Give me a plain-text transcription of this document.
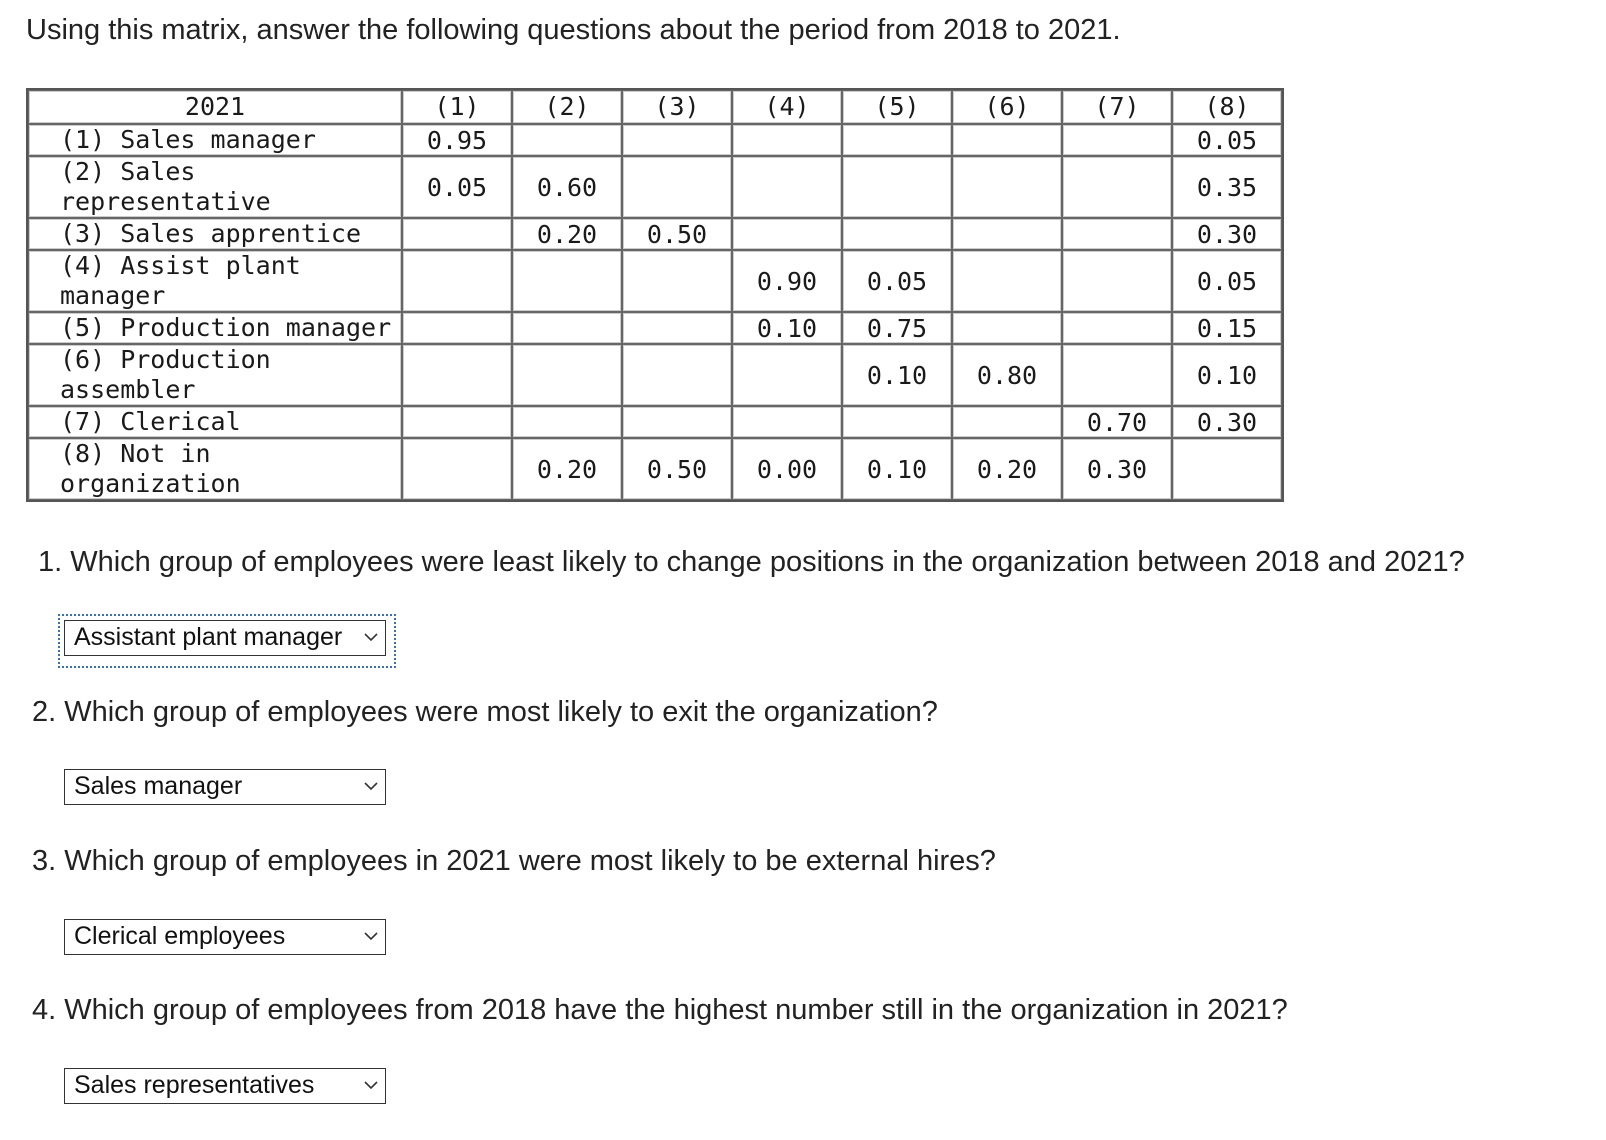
Using this matrix, answer the following questions about the period from 2018 to 2021.
2021	(1)	(2)	(3)	(4)	(5)	(6)	(7)	(8)
(1) Sales manager	0.95							0.05
(2) Sales representative	0.05	0.60						0.35
(3) Sales apprentice		0.20	0.50					0.30
(4) Assist plant manager				0.90	0.05			0.05
(5) Production manager				0.10	0.75			0.15
(6) Production assembler					0.10	0.80		0.10
(7) Clerical							0.70	0.30
(8) Not in organization		0.20	0.50	0.00	0.10	0.20	0.30	
1. Which group of employees were least likely to change positions in the organization between 2018 and 2021?
Assistant plant manager
2. Which group of employees were most likely to exit the organization?
Sales manager
3. Which group of employees in 2021 were most likely to be external hires?
Clerical employees
4. Which group of employees from 2018 have the highest number still in the organization in 2021?
Sales representatives
